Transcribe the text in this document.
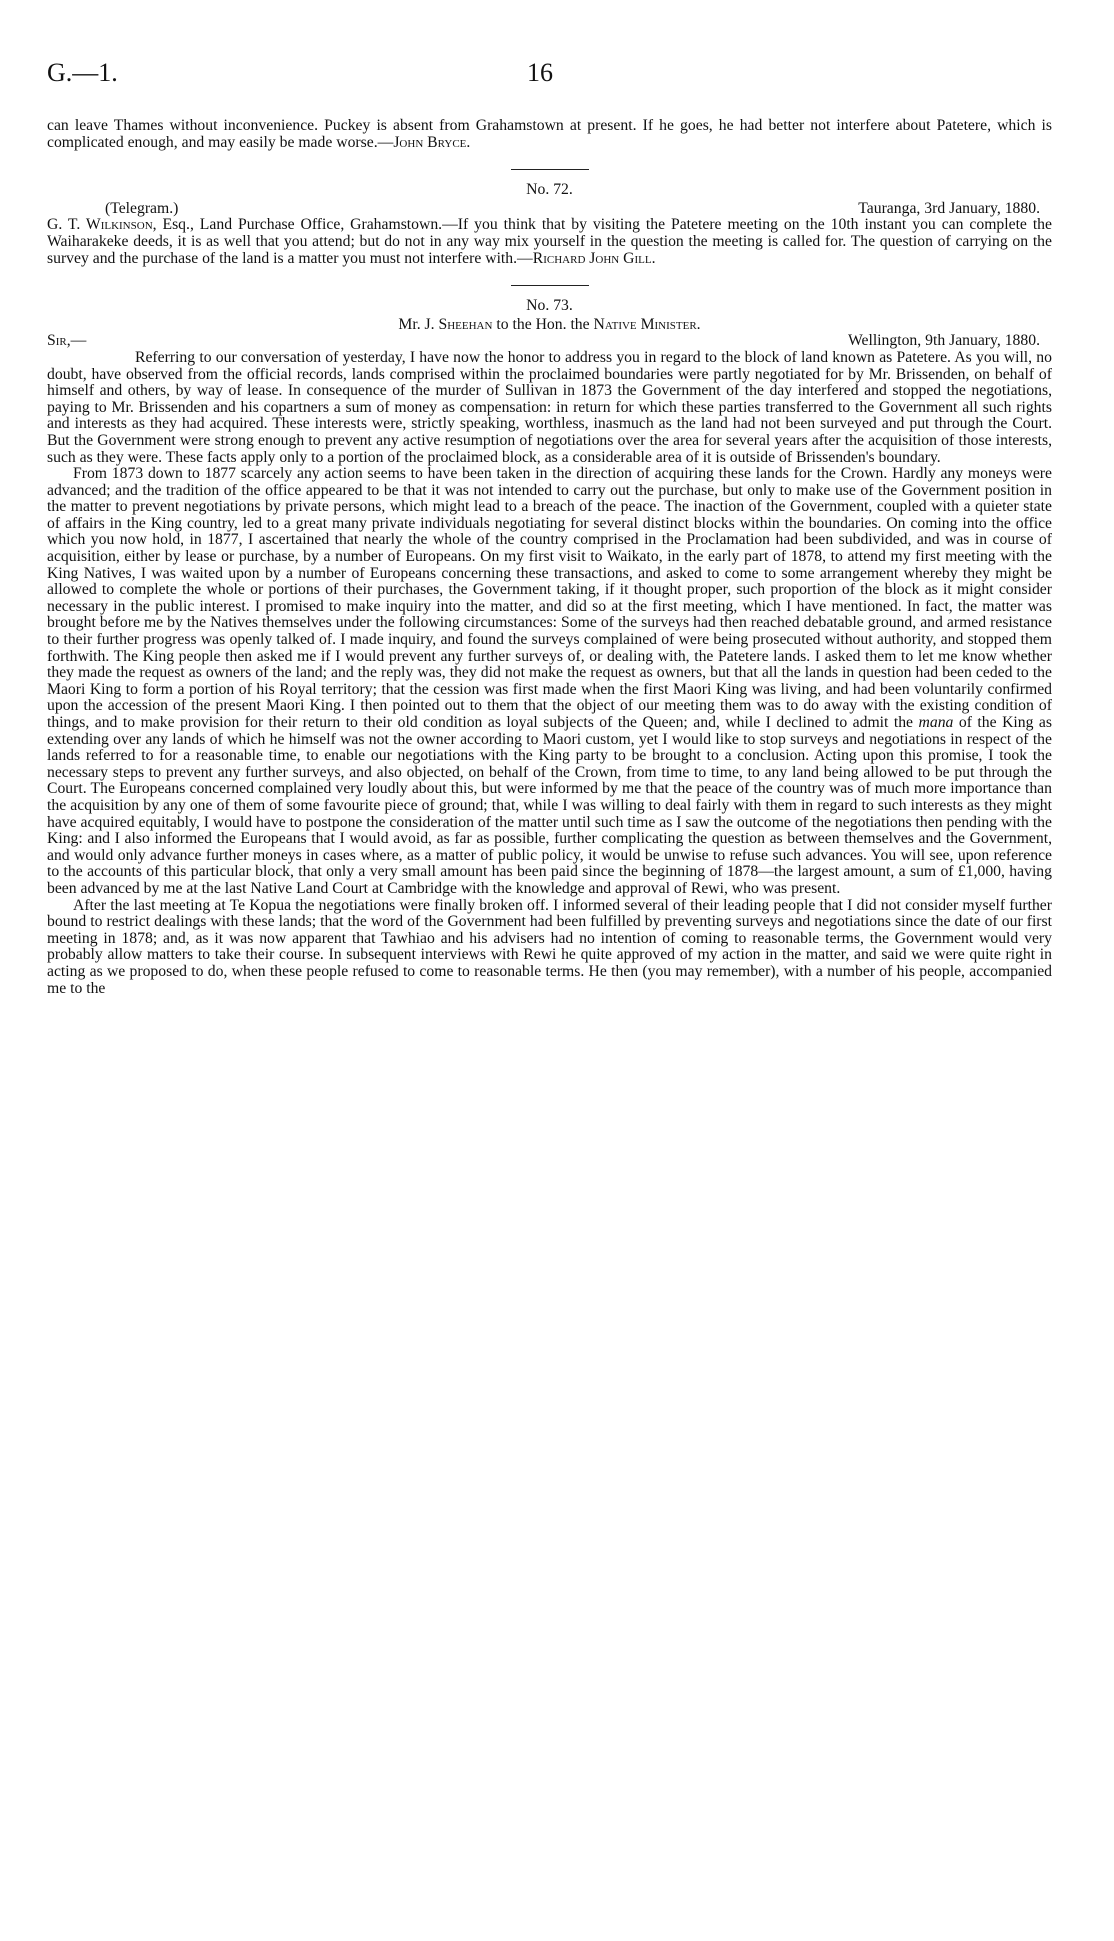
G.—1.	16

can leave Thames without inconvenience. Puckey is absent from Grahamstown at present. If he goes, he had better not interfere about Patetere, which is complicated enough, and may easily be made worse.—John Bryce.

No. 72.

(Telegram.)	Tauranga, 3rd January, 1880.

G. T. Wilkinson, Esq., Land Purchase Office, Grahamstown.—If you think that by visiting the Patetere meeting on the 10th instant you can complete the Waiharakeke deeds, it is as well that you attend; but do not in any way mix yourself in the question the meeting is called for. The question of carrying on the survey and the purchase of the land is a matter you must not interfere with.—Richard John Gill.

No. 73.

Mr. J. Sheehan to the Hon. the Native Minister.

Sir,—	Wellington, 9th January, 1880.

Referring to our conversation of yesterday, I have now the honor to address you in regard to the block of land known as Patetere. As you will, no doubt, have observed from the official records, lands comprised within the proclaimed boundaries were partly negotiated for by Mr. Brissenden, on behalf of himself and others, by way of lease. In consequence of the murder of Sullivan in 1873 the Government of the day interfered and stopped the negotiations, paying to Mr. Brissenden and his copartners a sum of money as compensation: in return for which these parties transferred to the Government all such rights and interests as they had acquired. These interests were, strictly speaking, worthless, inasmuch as the land had not been surveyed and put through the Court. But the Government were strong enough to prevent any active resumption of negotiations over the area for several years after the acquisition of those interests, such as they were. These facts apply only to a portion of the proclaimed block, as a considerable area of it is outside of Brissenden's boundary.

From 1873 down to 1877 scarcely any action seems to have been taken in the direction of acquiring these lands for the Crown. Hardly any moneys were advanced; and the tradition of the office appeared to be that it was not intended to carry out the purchase, but only to make use of the Government position in the matter to prevent negotiations by private persons, which might lead to a breach of the peace. The inaction of the Government, coupled with a quieter state of affairs in the King country, led to a great many private individuals negotiating for several distinct blocks within the boundaries. On coming into the office which you now hold, in 1877, I ascertained that nearly the whole of the country comprised in the Proclamation had been subdivided, and was in course of acquisition, either by lease or purchase, by a number of Europeans. On my first visit to Waikato, in the early part of 1878, to attend my first meeting with the King Natives, I was waited upon by a number of Europeans concerning these transactions, and asked to come to some arrangement whereby they might be allowed to complete the whole or portions of their purchases, the Government taking, if it thought proper, such proportion of the block as it might consider necessary in the public interest. I promised to make inquiry into the matter, and did so at the first meeting, which I have mentioned. In fact, the matter was brought before me by the Natives themselves under the following circumstances: Some of the surveys had then reached debatable ground, and armed resistance to their further progress was openly talked of. I made inquiry, and found the surveys complained of were being prosecuted without authority, and stopped them forthwith. The King people then asked me if I would prevent any further surveys of, or dealing with, the Patetere lands. I asked them to let me know whether they made the request as owners of the land; and the reply was, they did not make the request as owners, but that all the lands in question had been ceded to the Maori King to form a portion of his Royal territory; that the cession was first made when the first Maori King was living, and had been voluntarily confirmed upon the accession of the present Maori King. I then pointed out to them that the object of our meeting them was to do away with the existing condition of things, and to make provision for their return to their old condition as loyal subjects of the Queen; and, while I declined to admit the mana of the King as extending over any lands of which he himself was not the owner according to Maori custom, yet I would like to stop surveys and negotiations in respect of the lands referred to for a reasonable time, to enable our negotiations with the King party to be brought to a conclusion. Acting upon this promise, I took the necessary steps to prevent any further surveys, and also objected, on behalf of the Crown, from time to time, to any land being allowed to be put through the Court. The Europeans concerned complained very loudly about this, but were informed by me that the peace of the country was of much more importance than the acquisition by any one of them of some favourite piece of ground; that, while I was willing to deal fairly with them in regard to such interests as they might have acquired equitably, I would have to postpone the consideration of the matter until such time as I saw the outcome of the negotiations then pending with the King: and I also informed the Europeans that I would avoid, as far as possible, further complicating the question as between themselves and the Government, and would only advance further moneys in cases where, as a matter of public policy, it would be unwise to refuse such advances. You will see, upon reference to the accounts of this particular block, that only a very small amount has been paid since the beginning of 1878—the largest amount, a sum of £1,000, having been advanced by me at the last Native Land Court at Cambridge with the knowledge and approval of Rewi, who was present.

After the last meeting at Te Kopua the negotiations were finally broken off. I informed several of their leading people that I did not consider myself further bound to restrict dealings with these lands; that the word of the Government had been fulfilled by preventing surveys and negotiations since the date of our first meeting in 1878; and, as it was now apparent that Tawhiao and his advisers had no intention of coming to reasonable terms, the Government would very probably allow matters to take their course. In subsequent interviews with Rewi he quite approved of my action in the matter, and said we were quite right in acting as we proposed to do, when these people refused to come to reasonable terms. He then (you may remember), with a number of his people, accompanied me to the
